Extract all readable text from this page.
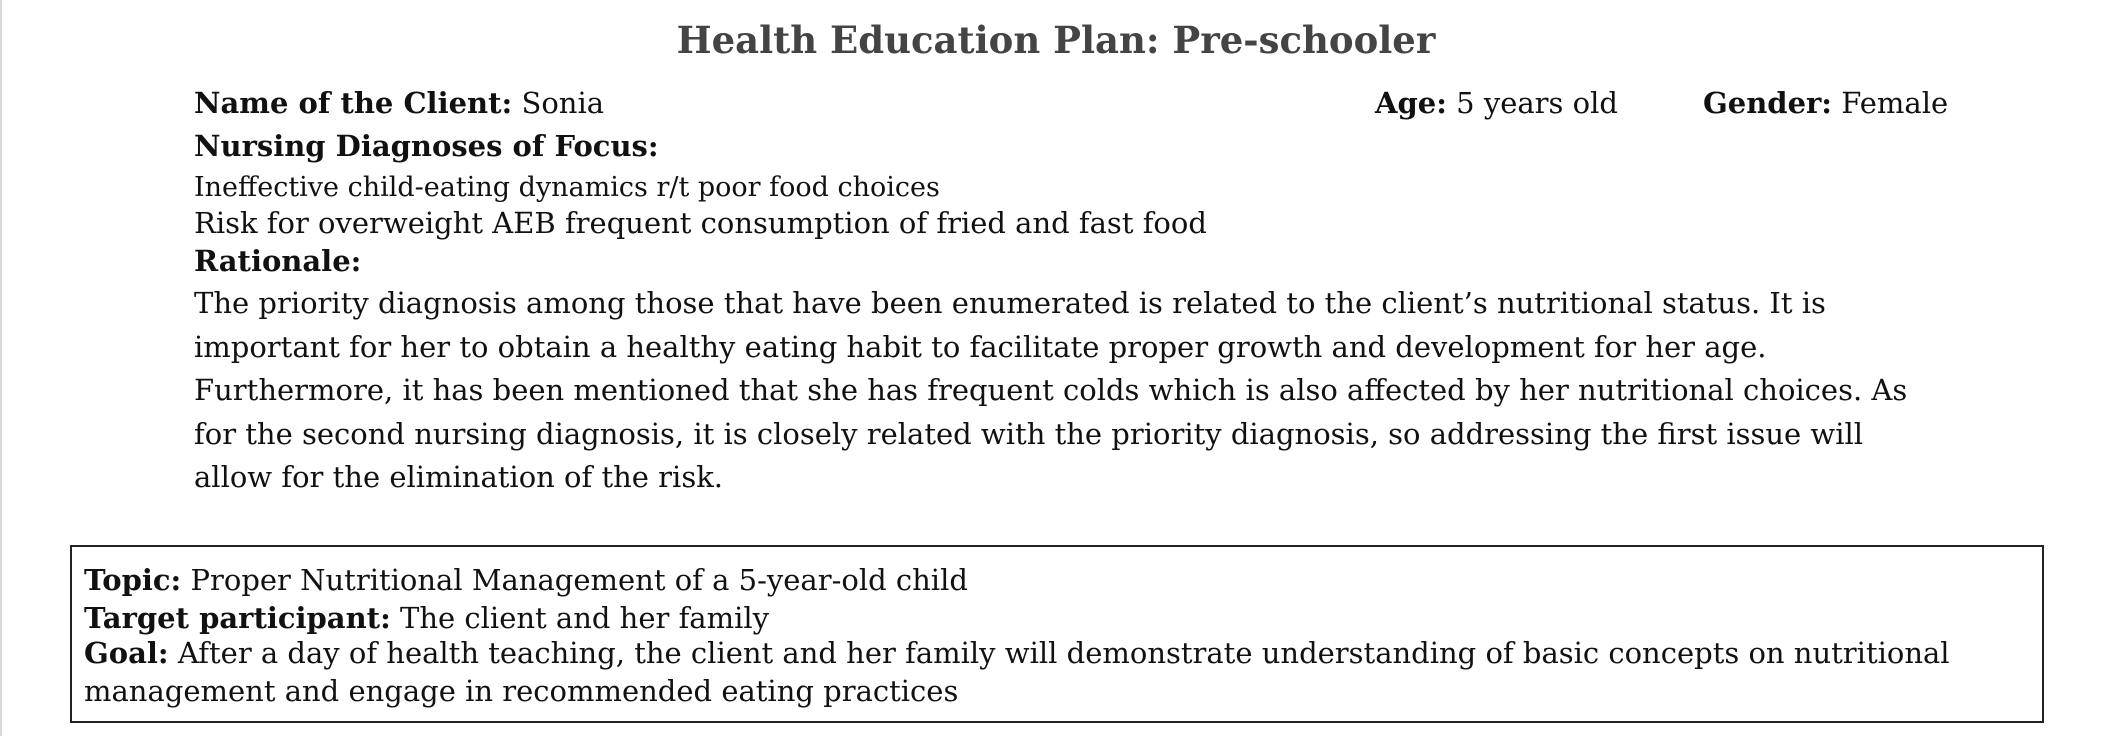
Health Education Plan: Pre-schooler
Name of the Client: Sonia	Age: 5 years old	Gender: Female
Nursing Diagnoses of Focus:
Ineffective child-eating dynamics r/t poor food choices
Risk for overweight AEB frequent consumption of fried and fast food
Rationale:
The priority diagnosis among those that have been enumerated is related to the client’s nutritional status. It is important for her to obtain a healthy eating habit to facilitate proper growth and development for her age. Furthermore, it has been mentioned that she has frequent colds which is also affected by her nutritional choices. As for the second nursing diagnosis, it is closely related with the priority diagnosis, so addressing the first issue will allow for the elimination of the risk.
Topic: Proper Nutritional Management of a 5-year-old child
Target participant: The client and her family
Goal: After a day of health teaching, the client and her family will demonstrate understanding of basic concepts on nutritional management and engage in recommended eating practices
